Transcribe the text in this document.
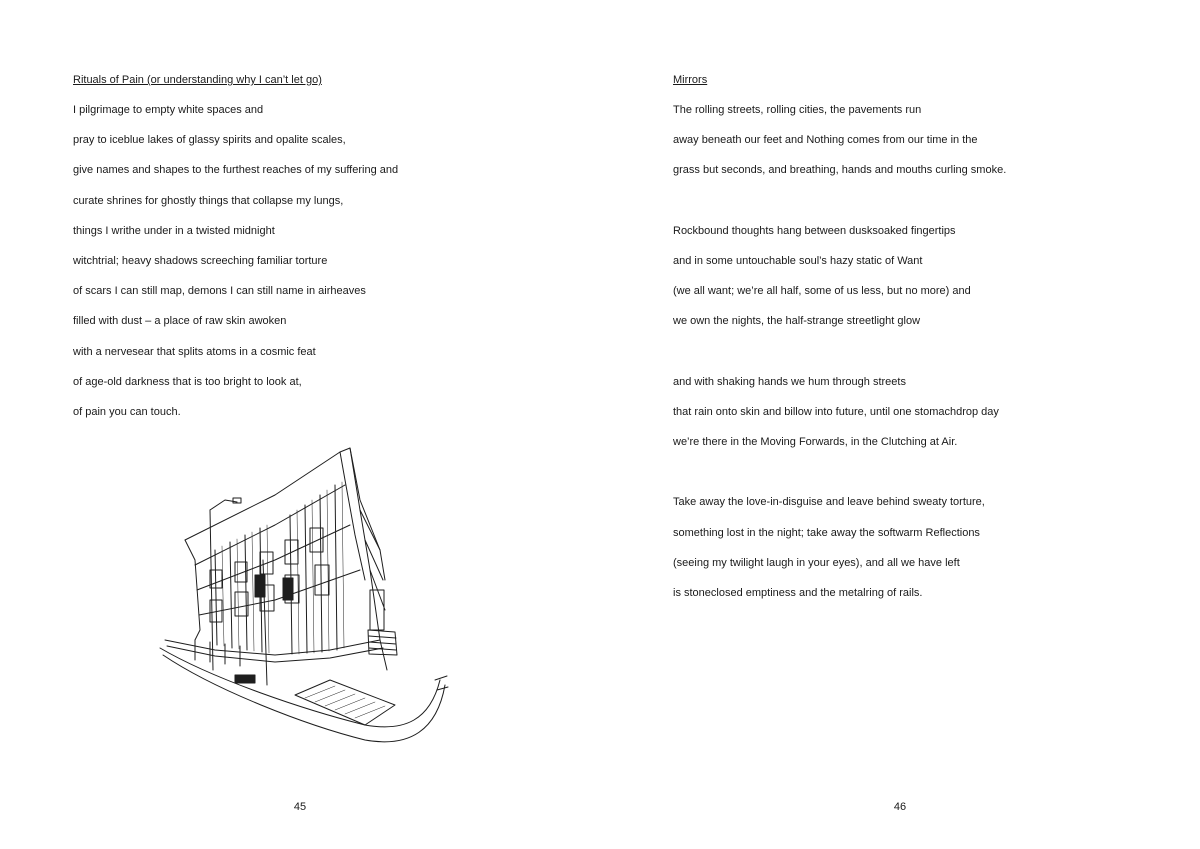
Rituals of Pain (or understanding why I can’t let go)
I pilgrimage to empty white spaces and
pray to iceblue lakes of glassy spirits and opalite scales,
give names and shapes to the furthest reaches of my suffering and
curate shrines for ghostly things that collapse my lungs,
things I writhe under in a twisted midnight
witchtrial; heavy shadows screeching familiar torture
of scars I can still map, demons I can still name in airheaves
filled with dust – a place of raw skin awoken
with a nervesear that splits atoms in a cosmic feat
of age-old darkness that is too bright to look at,
of pain you can touch.
45
Mirrors
The rolling streets, rolling cities, the pavements run
away beneath our feet and Nothing comes from our time in the
grass but seconds, and breathing, hands and mouths curling smoke.
Rockbound thoughts hang between dusksoaked fingertips
and in some untouchable soul’s hazy static of Want
(we all want; we’re all half, some of us less, but no more) and
we own the nights, the half-strange streetlight glow
and with shaking hands we hum through streets
that rain onto skin and billow into future, until one stomachdrop day
we’re there in the Moving Forwards, in the Clutching at Air.
Take away the love-in-disguise and leave behind sweaty torture,
something lost in the night; take away the softwarm Reflections
(seeing my twilight laugh in your eyes), and all we have left
is stoneclosed emptiness and the metalring of rails.
46
